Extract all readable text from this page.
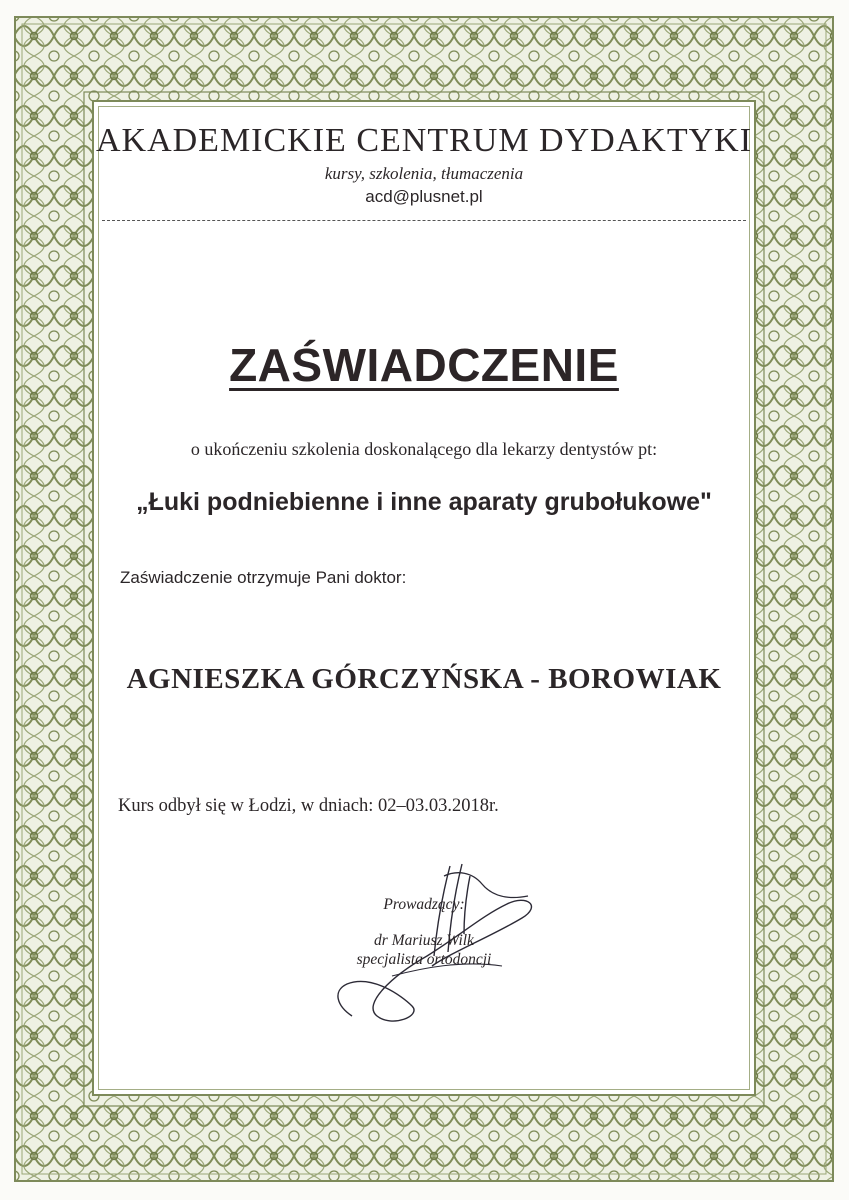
AKADEMICKIE CENTRUM DYDAKTYKI
kursy, szkolenia, tłumaczenia
acd@plusnet.pl
ZAŚWIADCZENIE
o ukończeniu szkolenia doskonalącego dla lekarzy dentystów pt:
„Łuki podniebienne i inne aparaty grubołukowe"
Zaświadczenie otrzymuje Pani doktor:
AGNIESZKA GÓRCZYŃSKA - BOROWIAK
Kurs odbył się w Łodzi, w dniach: 02–03.03.2018r.
Prowadzący:
dr Mariusz Wilk
specjalista ortodoncji
